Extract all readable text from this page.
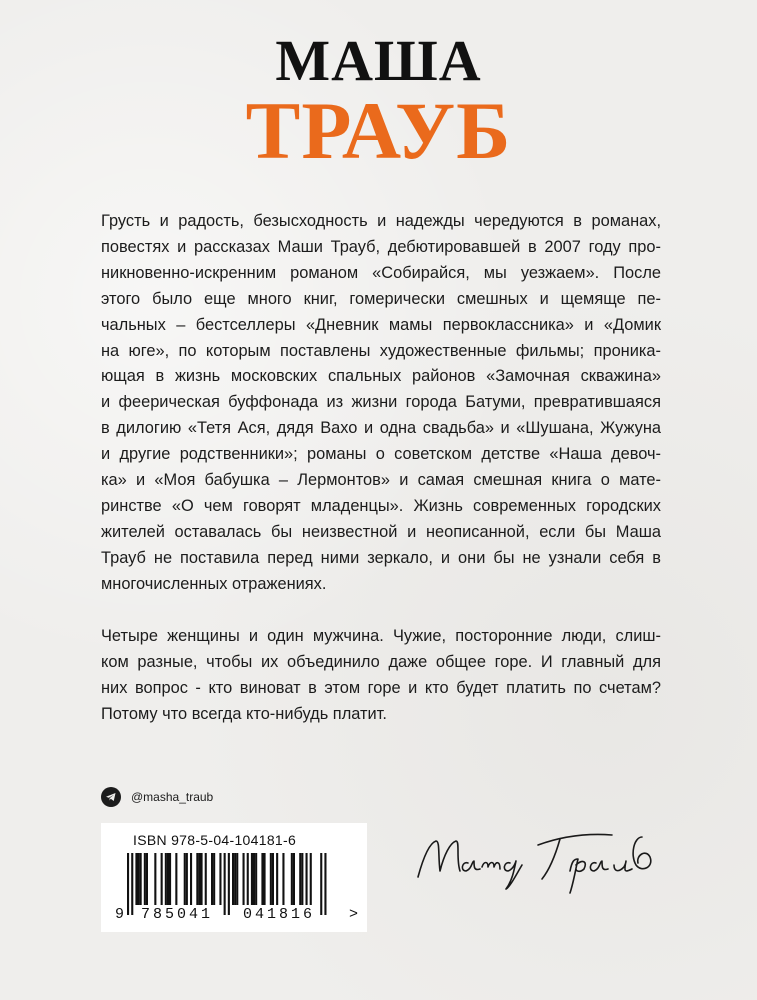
МАША
ТРАУБ
Грусть и радость, безысходность и надежды чередуются в романах,
повестях и рассказах Маши Трауб, дебютировавшей в 2007 году про-
никновенно-искренним романом «Собирайся, мы уезжаем». После
этого было еще много книг, гомерически смешных и щемяще пе-
чальных – бестселлеры «Дневник мамы первоклассника» и «Домик
на юге», по которым поставлены художественные фильмы; проника-
ющая в жизнь московских спальных районов «Замочная скважина»
и феерическая буффонада из жизни города Батуми, превратившаяся
в дилогию «Тетя Ася, дядя Вахо и одна свадьба» и «Шушана, Жужуна
и другие родственники»; романы о советском детстве «Наша девоч-
ка» и «Моя бабушка – Лермонтов» и самая смешная книга о мате-
ринстве «О чем говорят младенцы». Жизнь современных городских
жителей оставалась бы неизвестной и неописанной, если бы Маша
Трауб не поставила перед ними зеркало, и они бы не узнали себя в
многочисленных отражениях.
Четыре женщины и один мужчина. Чужие, посторонние люди, слиш-
ком разные, чтобы их объединило даже общее горе. И главный для
них вопрос - кто виноват в этом горе и кто будет платить по счетам?
Потому что всегда кто-нибудь платит.
@masha_traub
ISBN 978-5-04-104181-6
9 785041 041816 >
